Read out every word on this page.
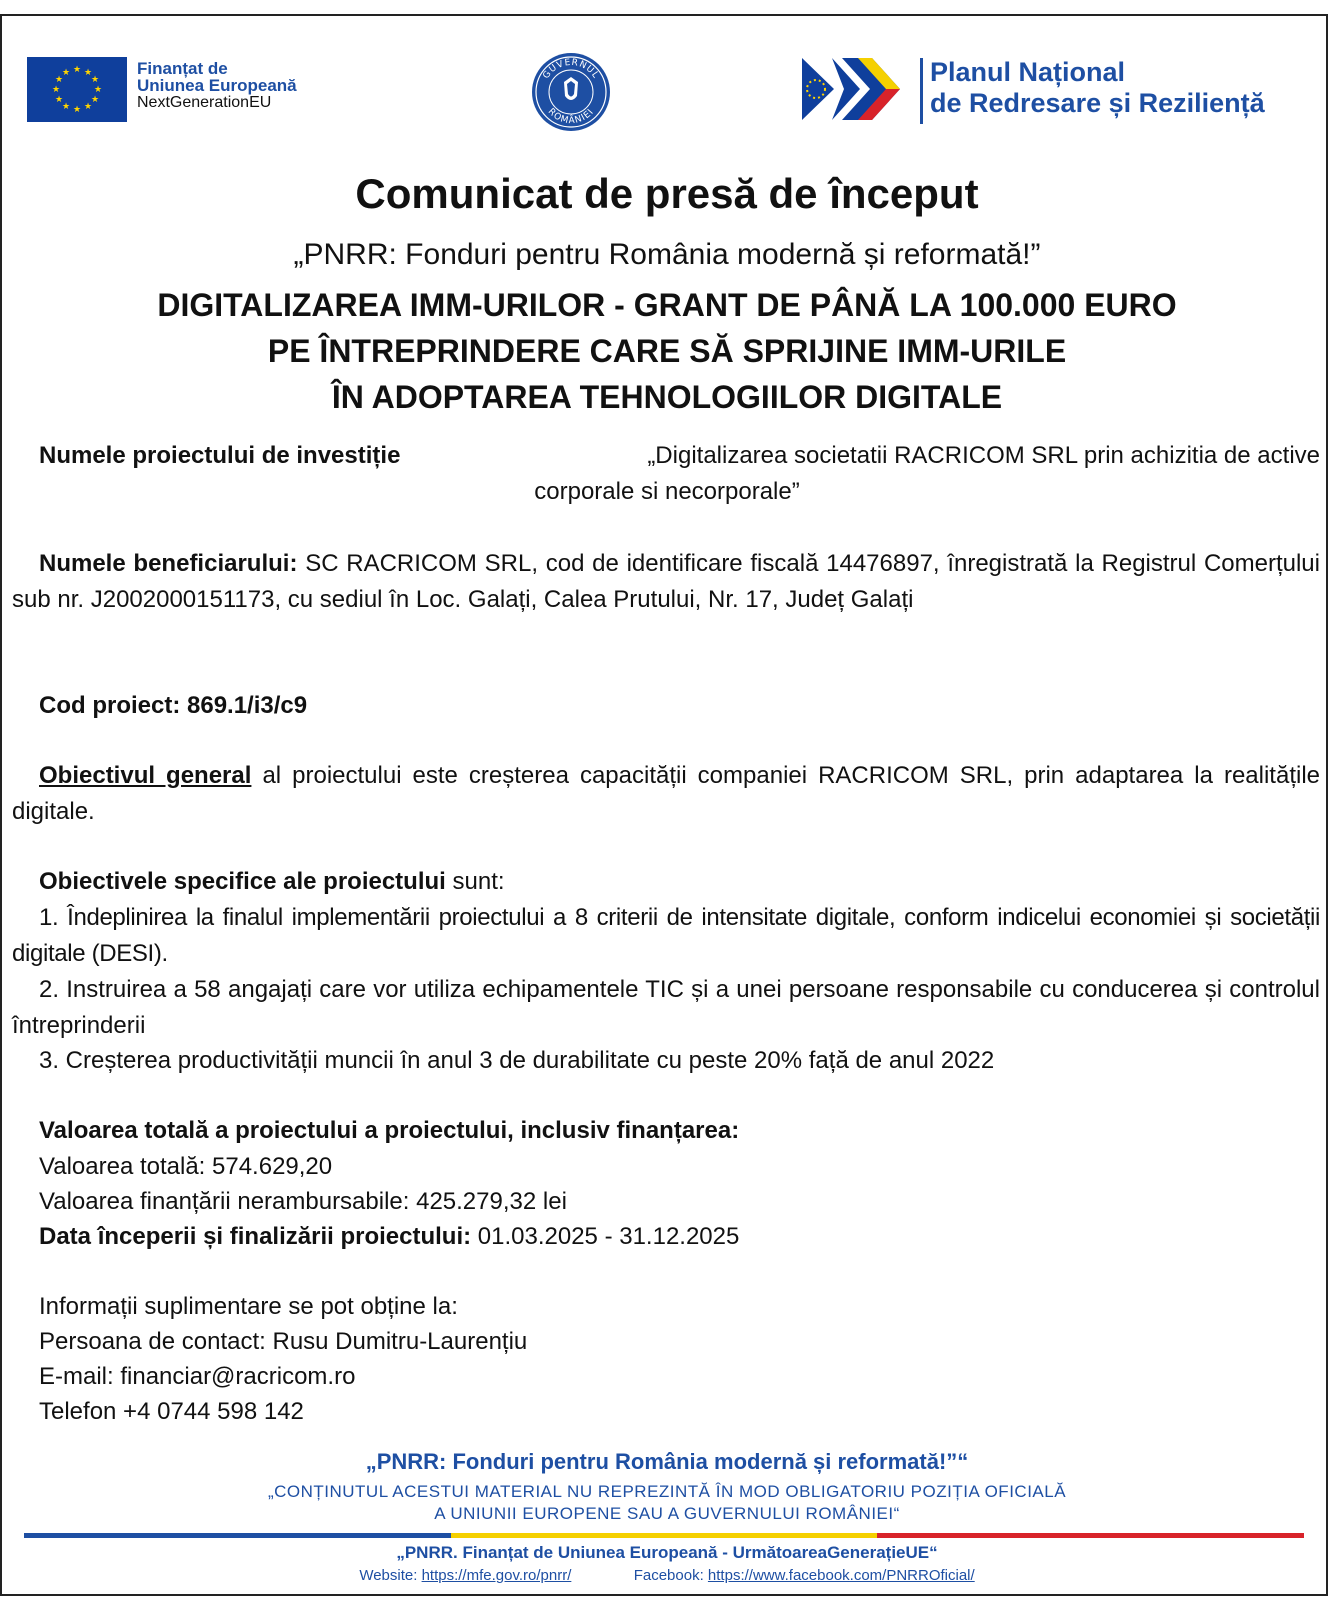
★ ★
★
★
★
★
★
★
★
★
★
★	Finanțat de
Uniunea Europeană
NextGenerationEU
GUVERNUL
ROMÂNIEI
Planul Național
de Redresare și Reziliență
Comunicat de presă de început
„PNRR: Fonduri pentru România modernă și reformată!”
DIGITALIZAREA IMM-URILOR - GRANT DE PÂNĂ LA 100.000 EURO
PE ÎNTREPRINDERE CARE SĂ SPRIJINE IMM-URILE
ÎN ADOPTAREA TEHNOLOGIILOR DIGITALE
Numele proiectului de investiție	„Digitalizarea societatii RACRICOM SRL prin achizitia de active
corporale si necorporale”
Numele beneficiarului: SC RACRICOM SRL, cod de identificare fiscală 14476897, înregistrată la Registrul Comerțului sub nr. J2002000151173, cu sediul în Loc. Galați, Calea Prutului, Nr. 17, Județ Galați
Cod proiect: 869.1/i3/c9
Obiectivul general al proiectului este creșterea capacității companiei RACRICOM SRL, prin adaptarea la realitățile digitale.
Obiectivele specifice ale proiectului sunt:
1. Îndeplinirea la finalul implementării proiectului a 8 criterii de intensitate digitale, conform indicelui economiei și societății digitale (DESI).
2. Instruirea a 58 angajați care vor utiliza echipamentele TIC și a unei persoane responsabile cu conducerea și controlul întreprinderii
3. Creșterea productivității muncii în anul 3 de durabilitate cu peste 20% față de anul 2022
Valoarea totală a proiectului a proiectului, inclusiv finanțarea:
Valoarea totală: 574.629,20
Valoarea finanțării nerambursabile: 425.279,32 lei
Data începerii și finalizării proiectului: 01.03.2025 - 31.12.2025
Informații suplimentare se pot obține la:
Persoana de contact: Rusu Dumitru-Laurențiu
E-mail: financiar@racricom.ro
Telefon +4 0744 598 142
„PNRR: Fonduri pentru România modernă și reformată!”“
„CONȚINUTUL ACESTUI MATERIAL NU REPREZINTĂ ÎN MOD OBLIGATORIU POZIȚIA OFICIALĂ
A UNIUNII EUROPENE SAU A GUVERNULUI ROMÂNIEI“
„PNRR. Finanțat de Uniunea Europeană - UrmătoareaGenerațieUE“
Website: https://mfe.gov.ro/pnrr/	Facebook: https://www.facebook.com/PNRROficial/
